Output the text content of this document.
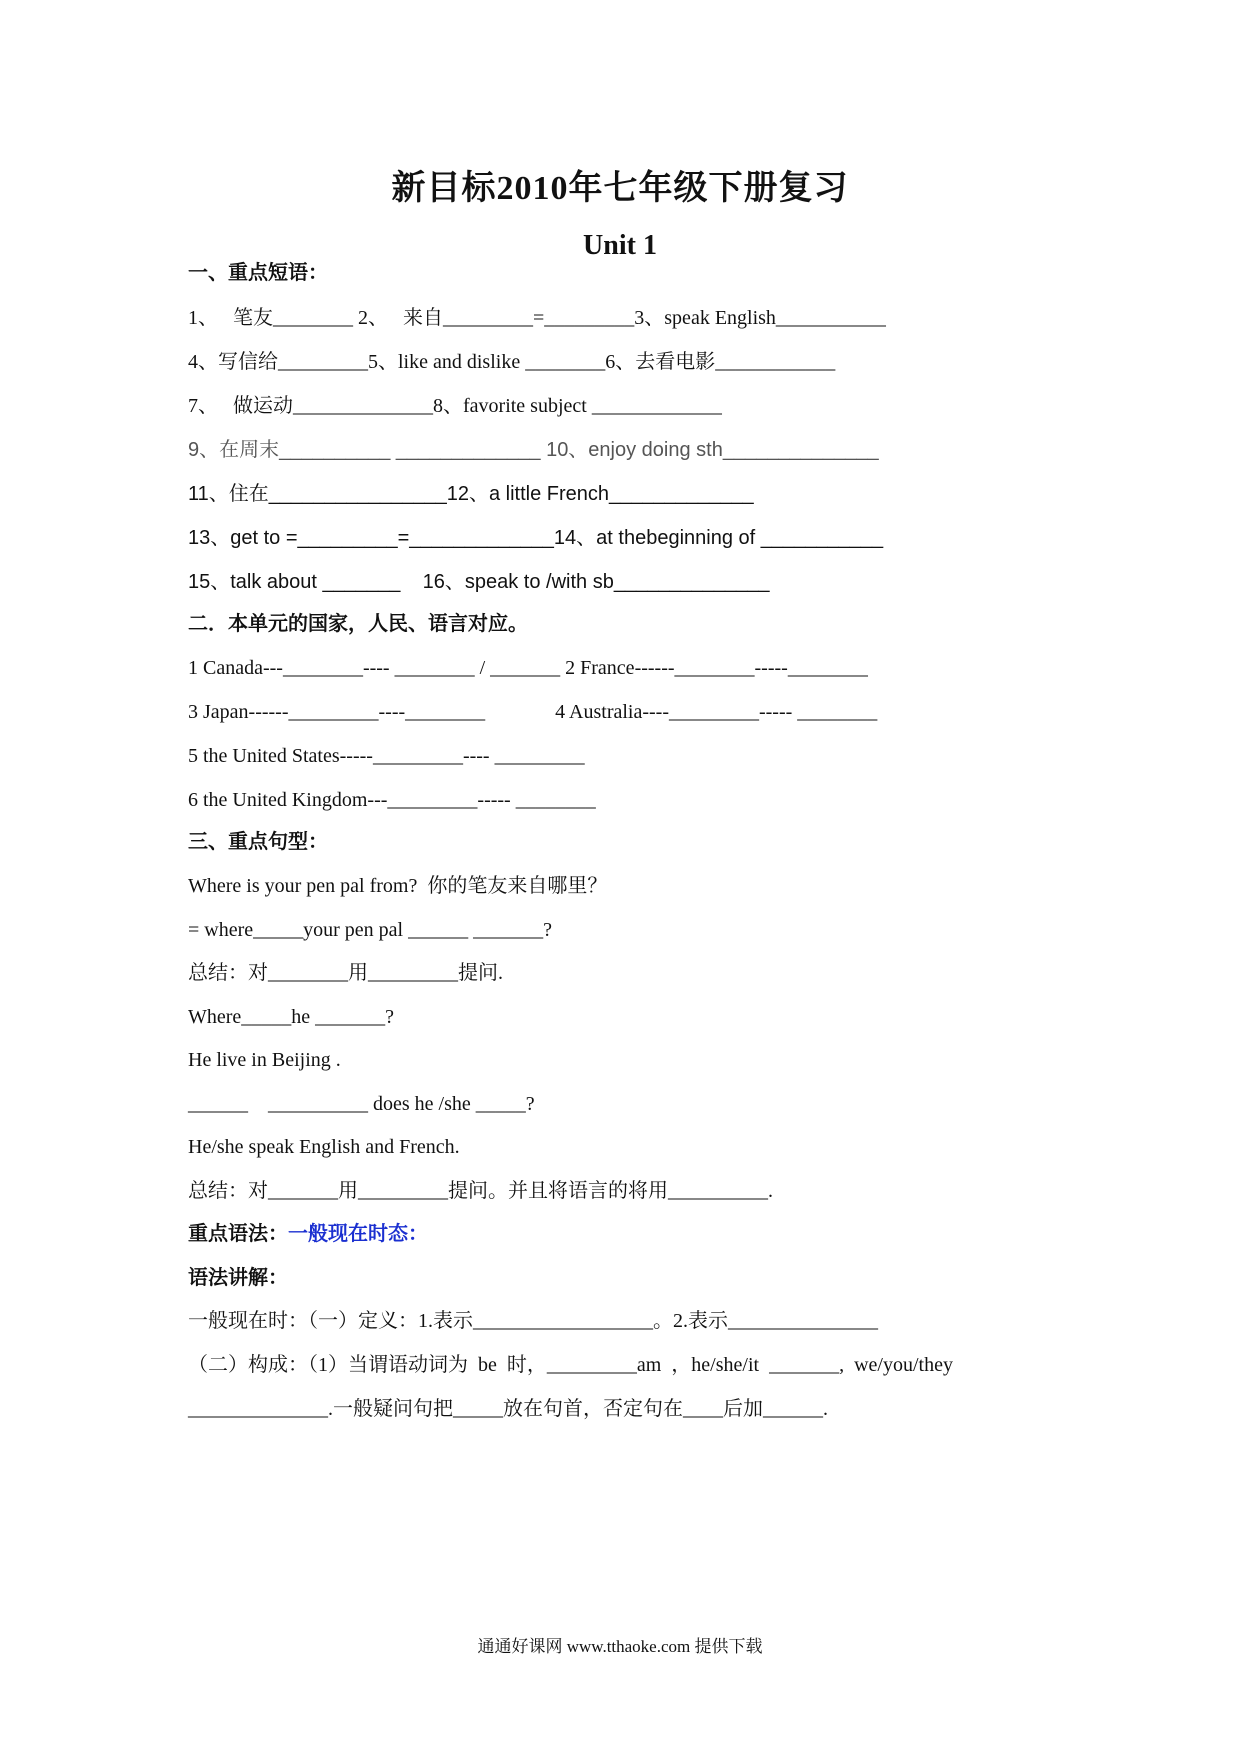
新目标2010年七年级下册复习
Unit 1
一、重点短语：
1、   笔友________ 2、   来自_________=_________3、speak English___________
4、写信给_________5、like and dislike ________6、去看电影____________
7、   做运动______________8、favorite subject _____________
9、在周末__________ _____________ 10、enjoy doing sth______________
11、住在________________12、a little French_____________
13、get to =_________=_____________14、at thebeginning of ___________
15、talk about _______    16、speak to /with sb______________
二．本单元的国家，人民、语言对应。
1 Canada---________---- ________ / _______ 2 France------________-----________
3 Japan------_________----________              4 Australia----_________----- ________
5 the United States-----_________---- _________
6 the United Kingdom---_________----- ________
三、重点句型：
Where is your pen pal from?  你的笔友来自哪里？
= where_____your pen pal ______ _______?
总结：对________用_________提问.
Where_____he _______?
He live in Beijing .
______    __________ does he /she _____?
He/she speak English and French.
总结：对_______用_________提问。并且将语言的将用__________.
重点语法：一般现在时态：
语法讲解：
一般现在时：（一）定义：1.表示__________________。2.表示_______________
（二）构成：（1）当谓语动词为  be  时，_________am  ，he/she/it  _______,  we/you/they
______________.一般疑问句把_____放在句首，否定句在____后加______.
通通好课网 www.tthaoke.com 提供下载
